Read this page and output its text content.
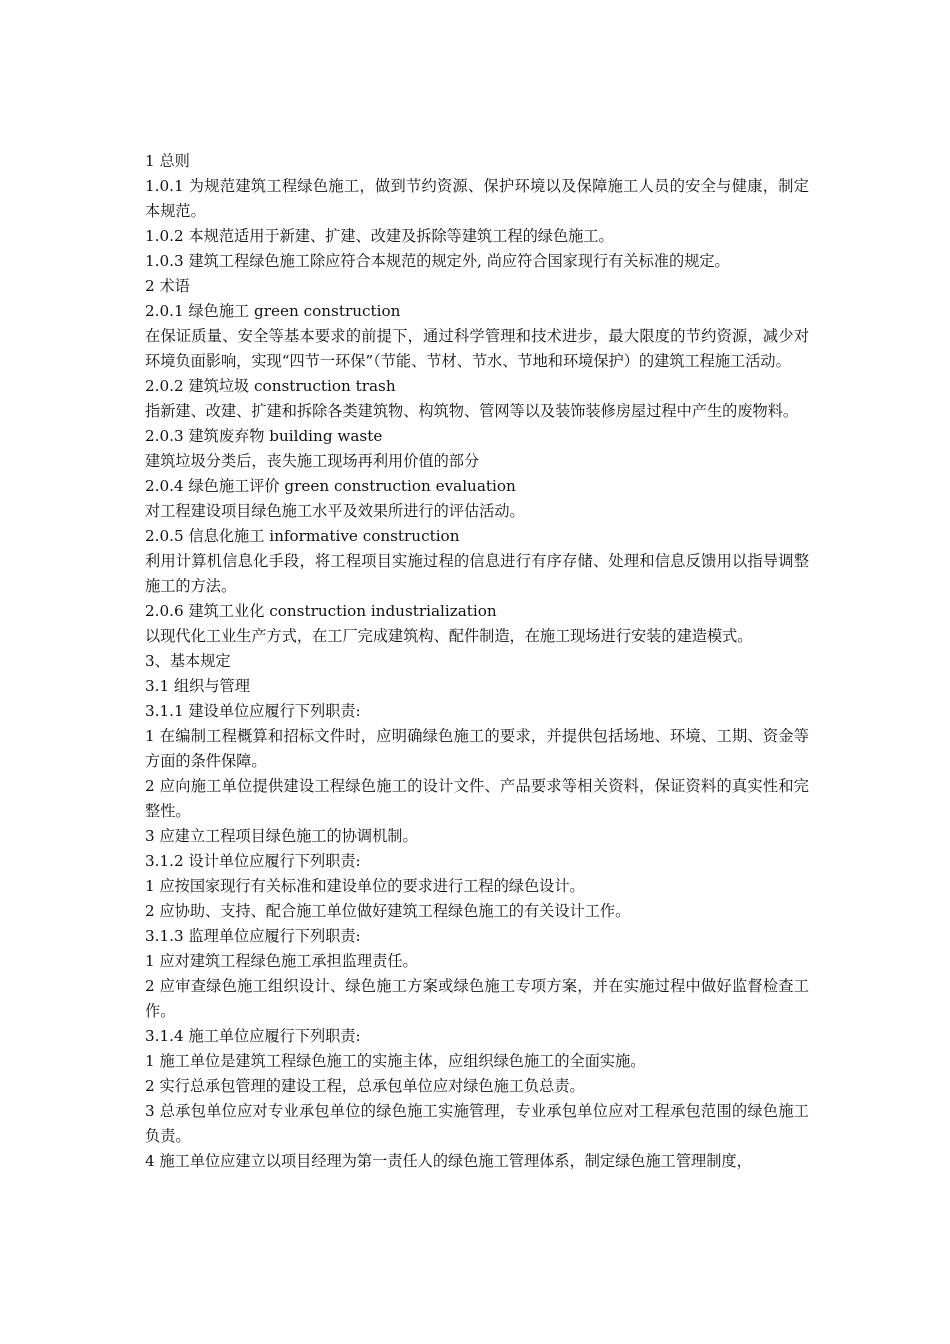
1 总则

1.0.1 为规范建筑工程绿色施工，做到节约资源、保护环境以及保障施工人员的安全与健康，制定本规范。

1.0.2 本规范适用于新建、扩建、改建及拆除等建筑工程的绿色施工。

1.0.3 建筑工程绿色施工除应符合本规范的规定外, 尚应符合国家现行有关标准的规定。

2 术语

2.0.1 绿色施工 green construction

在保证质量、安全等基本要求的前提下，通过科学管理和技术进步，最大限度的节约资源，减少对环境负面影响，实现“四节一环保”（节能、节材、节水、节地和环境保护）的建筑工程施工活动。

2.0.2 建筑垃圾 construction trash

指新建、改建、扩建和拆除各类建筑物、构筑物、管网等以及装饰装修房屋过程中产生的废物料。

2.0.3 建筑废弃物 building waste

建筑垃圾分类后，丧失施工现场再利用价值的部分

2.0.4 绿色施工评价 green construction evaluation

对工程建设项目绿色施工水平及效果所进行的评估活动。

2.0.5 信息化施工 informative construction

利用计算机信息化手段，将工程项目实施过程的信息进行有序存储、处理和信息反馈用以指导调整施工的方法。

2.0.6 建筑工业化 construction industrialization

以现代化工业生产方式，在工厂完成建筑构、配件制造，在施工现场进行安装的建造模式。

3、基本规定

3.1 组织与管理

3.1.1 建设单位应履行下列职责:

1 在编制工程概算和招标文件时，应明确绿色施工的要求，并提供包括场地、环境、工期、资金等方面的条件保障。

2 应向施工单位提供建设工程绿色施工的设计文件、产品要求等相关资料，保证资料的真实性和完整性。

3 应建立工程项目绿色施工的协调机制。

3.1.2 设计单位应履行下列职责:

1 应按国家现行有关标准和建设单位的要求进行工程的绿色设计。

2 应协助、支持、配合施工单位做好建筑工程绿色施工的有关设计工作。

3.1.3 监理单位应履行下列职责:

1 应对建筑工程绿色施工承担监理责任。

2 应审查绿色施工组织设计、绿色施工方案或绿色施工专项方案，并在实施过程中做好监督检查工作。

3.1.4 施工单位应履行下列职责:

1 施工单位是建筑工程绿色施工的实施主体，应组织绿色施工的全面实施。

2 实行总承包管理的建设工程，总承包单位应对绿色施工负总责。

3 总承包单位应对专业承包单位的绿色施工实施管理，专业承包单位应对工程承包范围的绿色施工负责。

4 施工单位应建立以项目经理为第一责任人的绿色施工管理体系，制定绿色施工管理制度，
